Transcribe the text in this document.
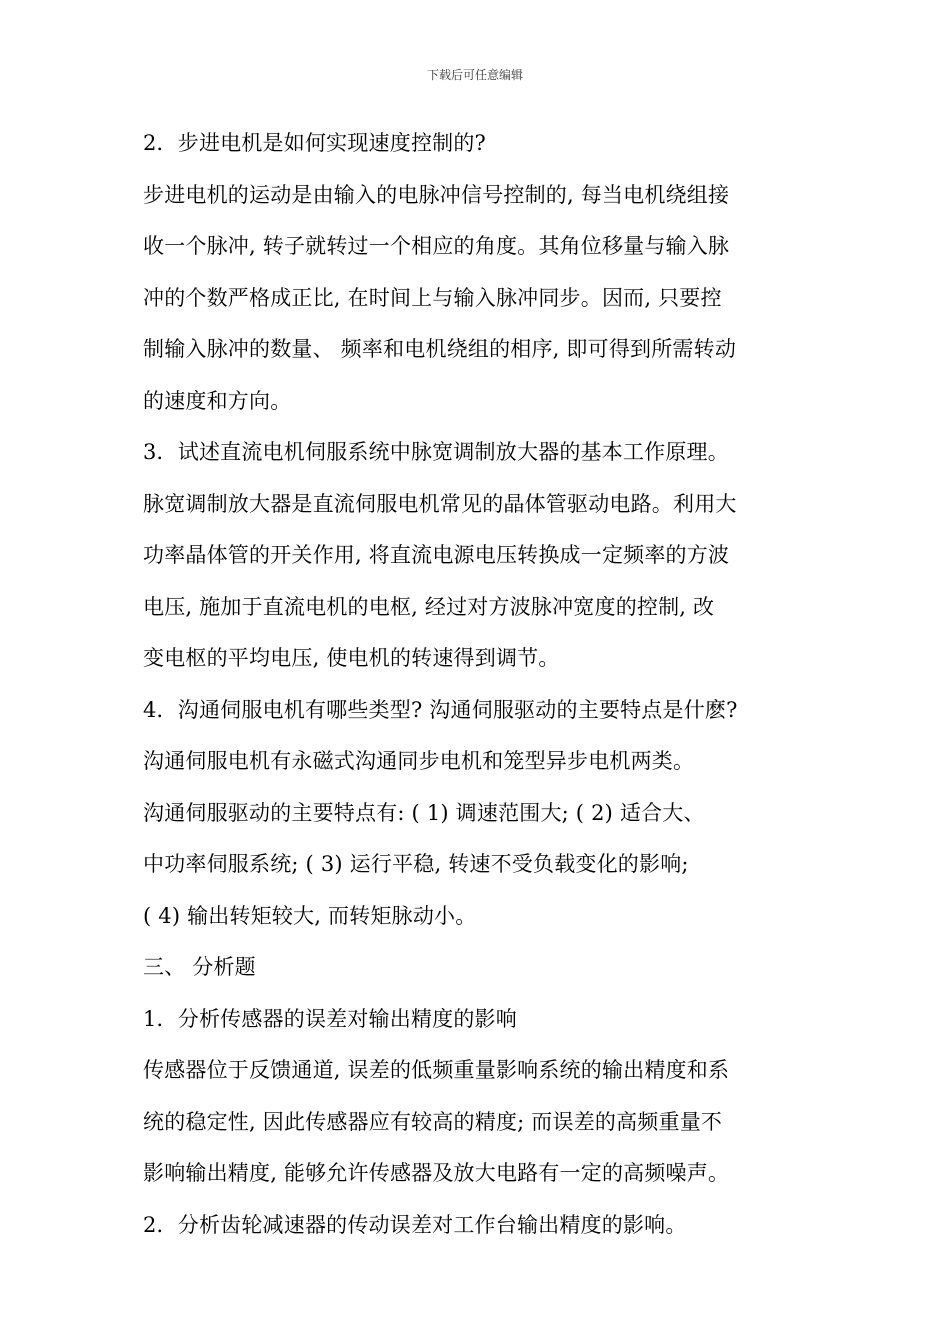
下载后可任意编辑
2．步进电机是如何实现速度控制的?
步进电机的运动是由输入的电脉冲信号控制的, 每当电机绕组接
收一个脉冲, 转子就转过一个相应的角度。其角位移量与输入脉
冲的个数严格成正比, 在时间上与输入脉冲同步。因而, 只要控
制输入脉冲的数量、 频率和电机绕组的相序, 即可得到所需转动
的速度和方向。
3．试述直流电机伺服系统中脉宽调制放大器的基本工作原理。
脉宽调制放大器是直流伺服电机常见的晶体管驱动电路。利用大
功率晶体管的开关作用, 将直流电源电压转换成一定频率的方波
电压, 施加于直流电机的电枢, 经过对方波脉冲宽度的控制, 改
变电枢的平均电压, 使电机的转速得到调节。
4．沟通伺服电机有哪些类型? 沟通伺服驱动的主要特点是什麽?
沟通伺服电机有永磁式沟通同步电机和笼型异步电机两类。
沟通伺服驱动的主要特点有: ( 1) 调速范围大; ( 2) 适合大、
中功率伺服系统; ( 3) 运行平稳, 转速不受负载变化的影响;
( 4) 输出转矩较大, 而转矩脉动小。
三、 分析题
1．分析传感器的误差对输出精度的影响
传感器位于反馈通道, 误差的低频重量影响系统的输出精度和系
统的稳定性, 因此传感器应有较高的精度; 而误差的高频重量不
影响输出精度, 能够允许传感器及放大电路有一定的高频噪声。
2．分析齿轮减速器的传动误差对工作台输出精度的影响。
